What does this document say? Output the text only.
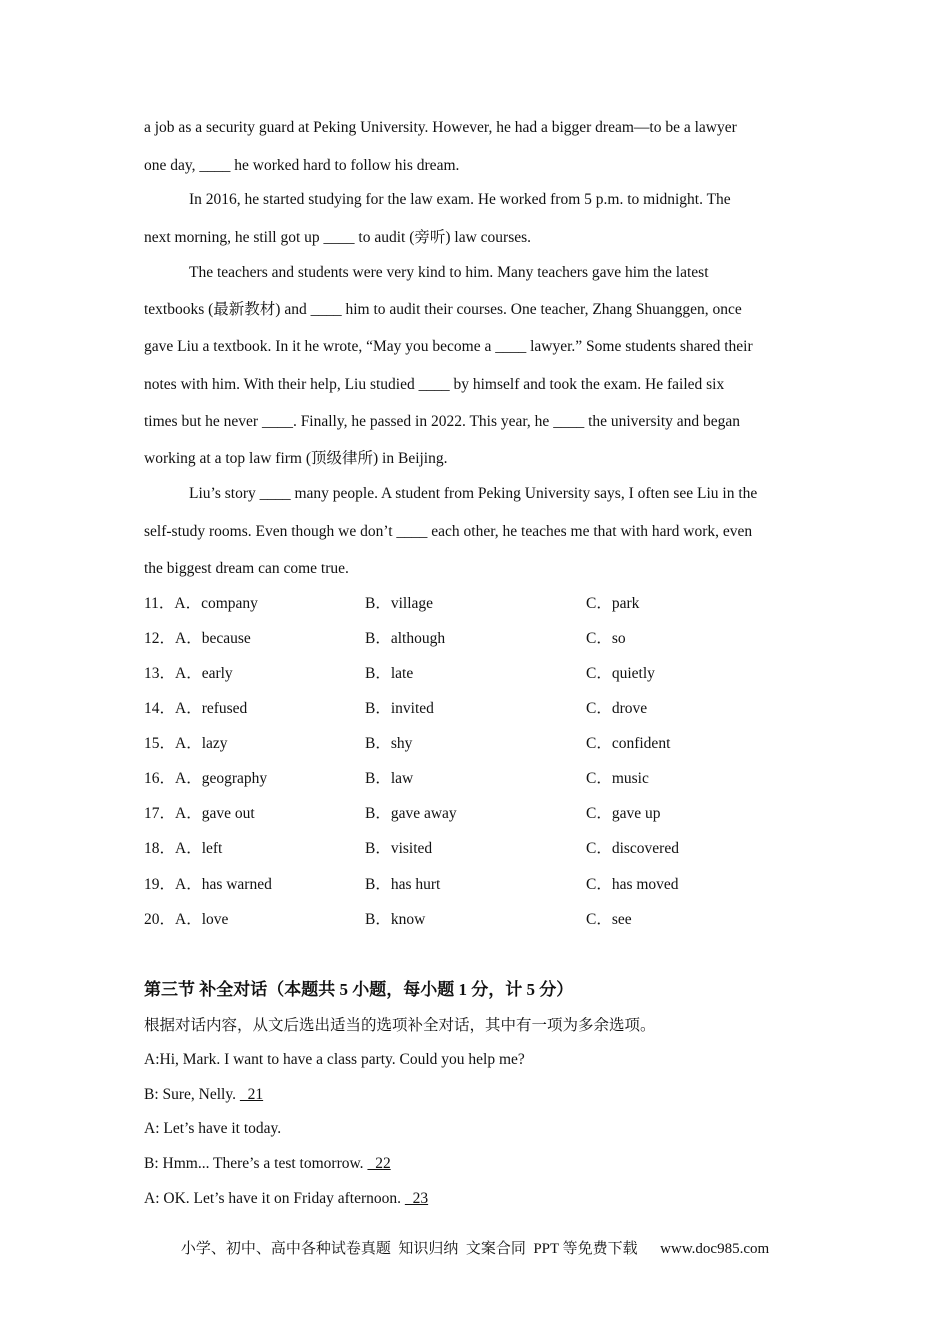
a job as a security guard at Peking University. However, he had a bigger dream—to be a lawyer
one day, ____ he worked hard to follow his dream.
In 2016, he started studying for the law exam. He worked from 5 p.m. to midnight. The
next morning, he still got up ____ to audit (旁听) law courses.
The teachers and students were very kind to him. Many teachers gave him the latest
textbooks (最新教材) and ____ him to audit their courses. One teacher, Zhang Shuanggen, once
gave Liu a textbook. In it he wrote, “May you become a ____ lawyer.” Some students shared their
notes with him. With their help, Liu studied ____ by himself and took the exam. He failed six
times but he never ____. Finally, he passed in 2022. This year, he ____ the university and began
working at a top law firm (顶级律所) in Beijing.
Liu’s story ____ many people. A student from Peking University says, I often see Liu in the
self-study rooms. Even though we don’t ____ each other, he teaches me that with hard work, even
the biggest dream can come true.
11．A．company	B．village	C．park
12．A．because	B．although	C．so
13．A．early	B．late	C．quietly
14．A．refused	B．invited	C．drove
15．A．lazy	B．shy	C．confident
16．A．geography	B．law	C．music
17．A．gave out	B．gave away	C．gave up
18．A．left	B．visited	C．discovered
19．A．has warned	B．has hurt	C．has moved
20．A．love	B．know	C．see
第三节 补全对话（本题共 5 小题，每小题 1 分，计 5 分）
根据对话内容，从文后选出适当的选项补全对话，其中有一项为多余选项。
A:Hi, Mark. I want to have a class party. Could you help me?
B: Sure, Nelly.   21
A: Let’s have it today.
B: Hmm... There’s a test tomorrow.   22
A: OK. Let’s have it on Friday afternoon.   23
小学、初中、高中各种试卷真题  知识归纳  文案合同  PPT 等免费下载      www.doc985.com
